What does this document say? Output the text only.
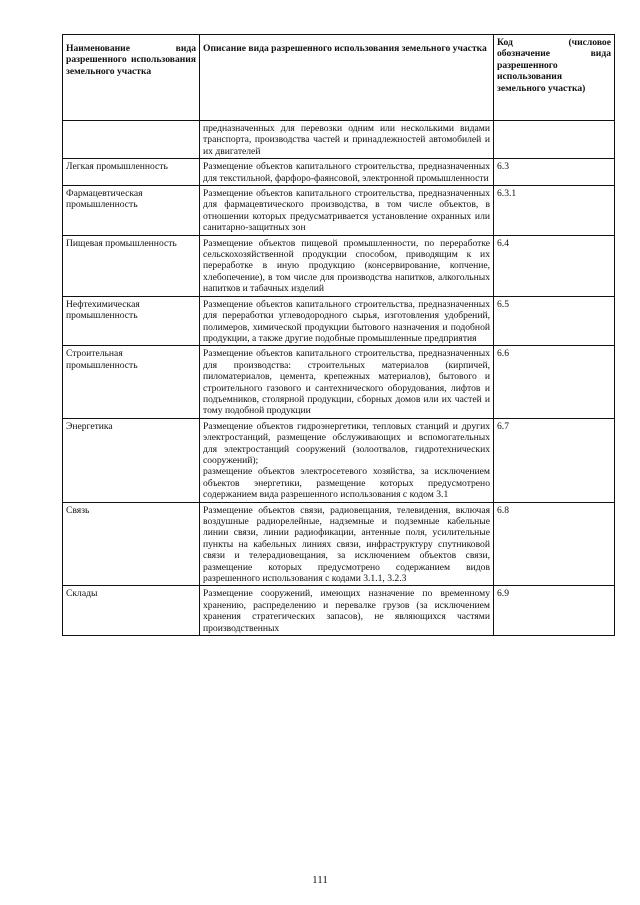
Наименование вида разрешенного использования земельного участка	Описание вида разрешенного использования земельного участка	Код (числовое обозначение вида разрешенного использования земельного участка)

	предназначенных для перевозки одним или несколькими видами транспорта, производства частей и принадлежностей автомобилей и их двигателей	

Легкая промышленность	Размещение объектов капитального строительства, предназначенных для текстильной, фарфоро-фаянсовой, электронной промышленности	6.3
Фармацевтическая промышленность	Размещение объектов капитального строительства, предназначенных для фармацевтического производства, в том числе объектов, в отношении которых предусматривается установление охранных или санитарно-защитных зон	6.3.1
Пищевая промышленность	Размещение объектов пищевой промышленности, по переработке сельскохозяйственной продукции способом, приводящим к их переработке в иную продукцию (консервирование, копчение, хлебопечение), в том числе для производства напитков, алкогольных напитков и табачных изделий	6.4
Нефтехимическая промышленность	Размещение объектов капитального строительства, предназначенных для переработки углеводородного сырья, изготовления удобрений, полимеров, химической продукции бытового назначения и подобной продукции, а также другие подобные промышленные предприятия	6.5
Строительная промышленность	Размещение объектов капитального строительства, предназначенных для производства: строительных материалов (кирпичей, пиломатериалов, цемента, крепежных материалов), бытового и строительного газового и сантехнического оборудования, лифтов и подъемников, столярной продукции, сборных домов или их частей и тому подобной продукции	6.6
Энергетика	Размещение объектов гидроэнергетики, тепловых станций и других электростанций, размещение обслуживающих и вспомогательных для электростанций сооружений (золоотвалов, гидротехнических сооружений);

размещение объектов электросетевого хозяйства, за исключением объектов энергетики, размещение которых предусмотрено содержанием вида разрешенного использования с кодом 3.1	6.7
Связь	Размещение объектов связи, радиовещания, телевидения, включая воздушные радиорелейные, надземные и подземные кабельные линии связи, линии радиофикации, антенные поля, усилительные пункты на кабельных линиях связи, инфраструктуру спутниковой связи и телерадиовещания, за исключением объектов связи, размещение которых предусмотрено содержанием видов разрешенного использования с кодами 3.1.1, 3.2.3	6.8
Склады	Размещение сооружений, имеющих назначение по временному хранению, распределению и перевалке грузов (за исключением хранения стратегических запасов), не являющихся частями производственных	6.9
111
